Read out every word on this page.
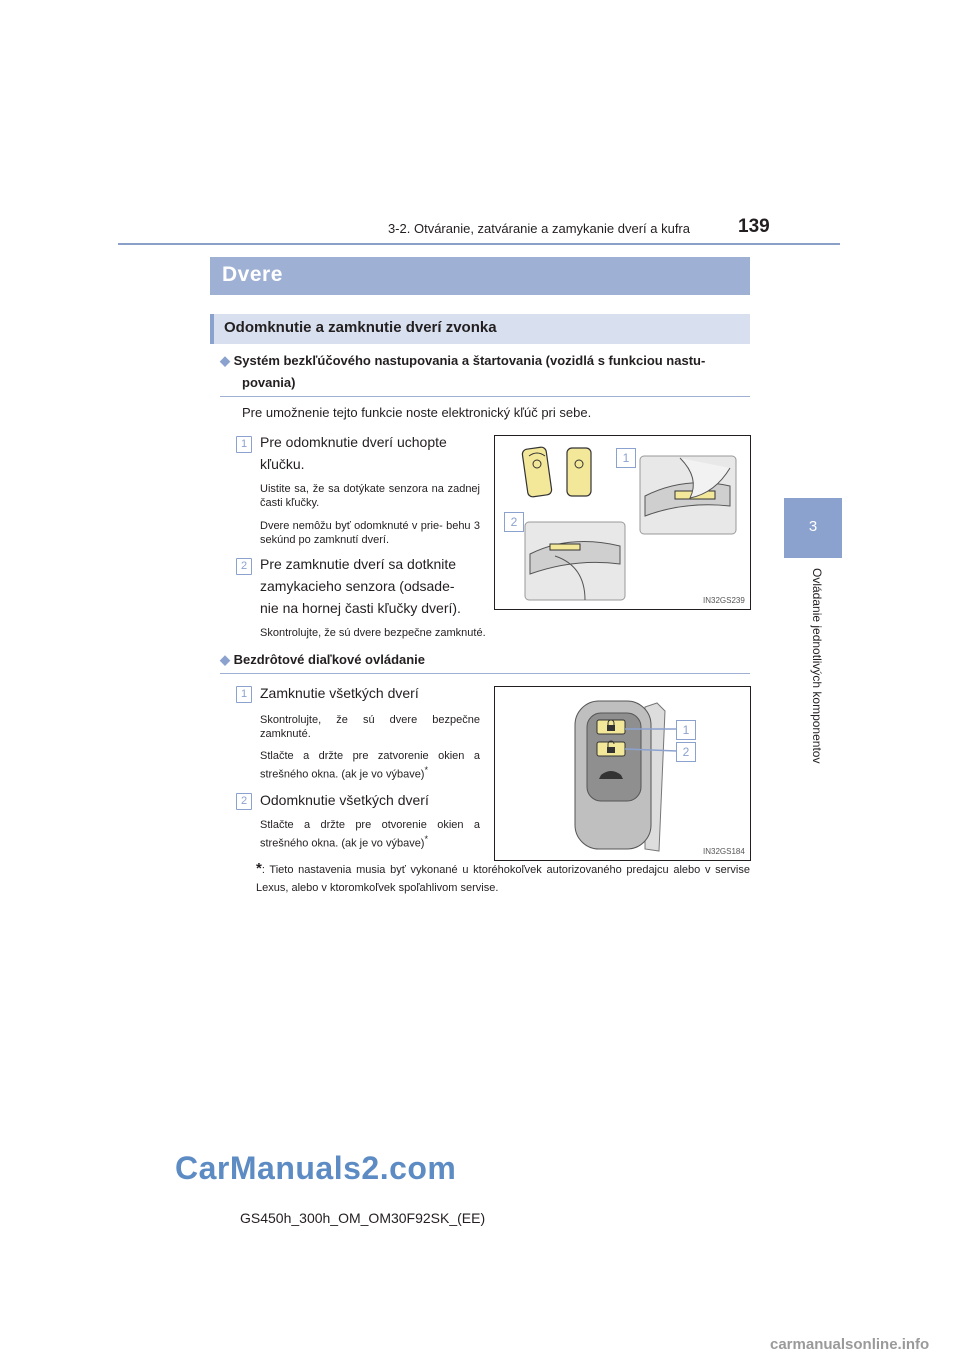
3-2. Otváranie, zatváranie a zamykanie dverí a kufra	139
3
Ovládanie jednotlivých komponentov
Dvere
Odomknutie a zamknutie dverí zvonka
◆ Systém bezkľúčového nastupovania a štartovania (vozidlá s funkciou nastu-
povania)
Pre umožnenie tejto funkcie noste elektronický kľúč pri sebe.
1 Pre odomknutie dverí uchopte
kľučku.
Uistite sa, že sa dotýkate senzora na zadnej časti kľučky.
Dvere nemôžu byť odomknuté v prie- behu 3 sekúnd po zamknutí dverí.
2 Pre zamknutie dverí sa dotknite
zamykacieho senzora (odsade-
nie na hornej časti kľučky dverí).
Skontrolujte, že sú dvere bezpečne zamknuté.
1
2
IN32GS239
◆ Bezdrôtové diaľkové ovládanie
1 Zamknutie všetkých dverí
Skontrolujte, že sú dvere bezpečne zamknuté.
Stlačte a držte pre zatvorenie okien a strešného okna. (ak je vo výbave)*
2 Odomknutie všetkých dverí
Stlačte a držte pre otvorenie okien a strešného okna. (ak je vo výbave)*
1
2
IN32GS184
*: Tieto nastavenia musia byť vykonané u ktoréhokoľvek autorizovaného predajcu alebo v servise Lexus, alebo v ktoromkoľvek spoľahlivom servise.
CarManuals2.com
GS450h_300h_OM_OM30F92SK_(EE)
carmanualsonline.info
